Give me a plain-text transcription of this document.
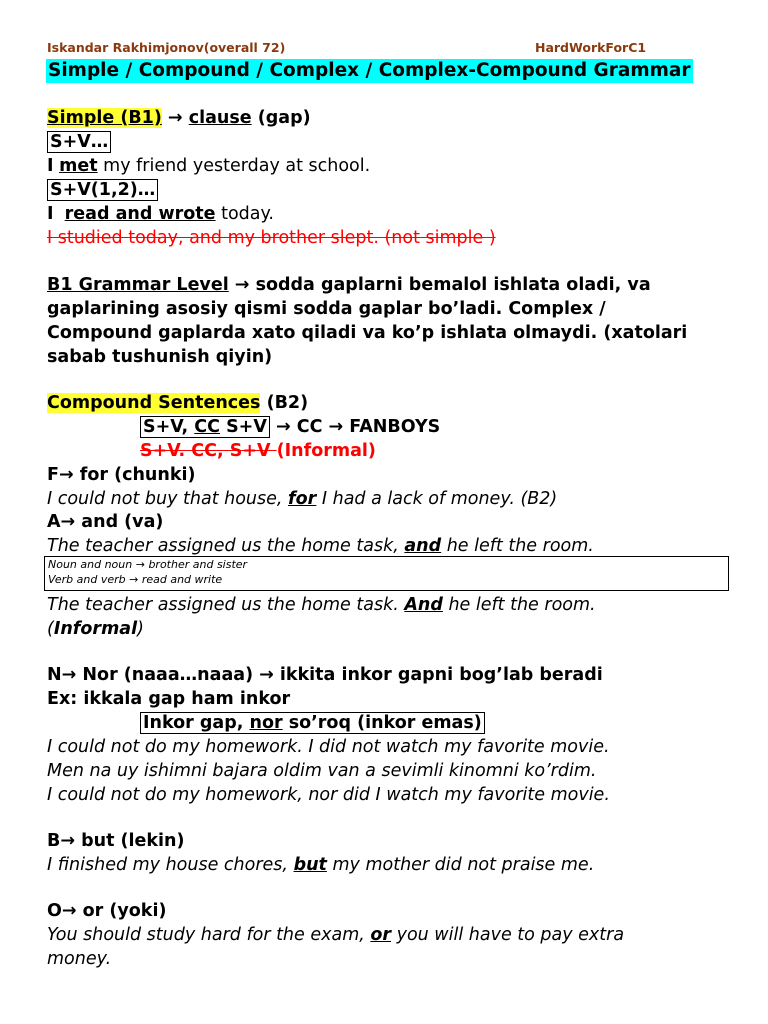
Iskandar Rakhimjonov(overall 72)	HardWorkForC1
Simple / Compound / Complex / Complex-Compound Grammar
Simple (B1) → clause (gap)
S+V…
I met my friend yesterday at school.
S+V(1,2)…
I read and wrote today.
I studied today, and my brother slept. (not simple )
B1 Grammar Level → sodda gaplarni bemalol ishlata oladi, va
gaplarining asosiy qismi sodda gaplar bo’ladi. Complex /
Compound gaplarda xato qiladi va ko’p ishlata olmaydi. (xatolari
sabab tushunish qiyin)
Compound Sentences (B2)
S+V, CC S+V → CC → FANBOYS
S+V. CC, S+V (Informal)
F→ for (chunki)
I could not buy that house, for I had a lack of money. (B2)
A→ and (va)
The teacher assigned us the home task, and he left the room.
Noun and noun → brother and sister
Verb and verb → read and write
The teacher assigned us the home task. And he left the room.
(Informal)
N→ Nor (naaa…naaa) → ikkita inkor gapni bog’lab beradi
Ex: ikkala gap ham inkor
Inkor gap, nor so’roq (inkor emas)
I could not do my homework. I did not watch my favorite movie.
Men na uy ishimni bajara oldim van a sevimli kinomni ko’rdim.
I could not do my homework, nor did I watch my favorite movie.
B→ but (lekin)
I finished my house chores, but my mother did not praise me.
O→ or (yoki)
You should study hard for the exam, or you will have to pay extra
money.
